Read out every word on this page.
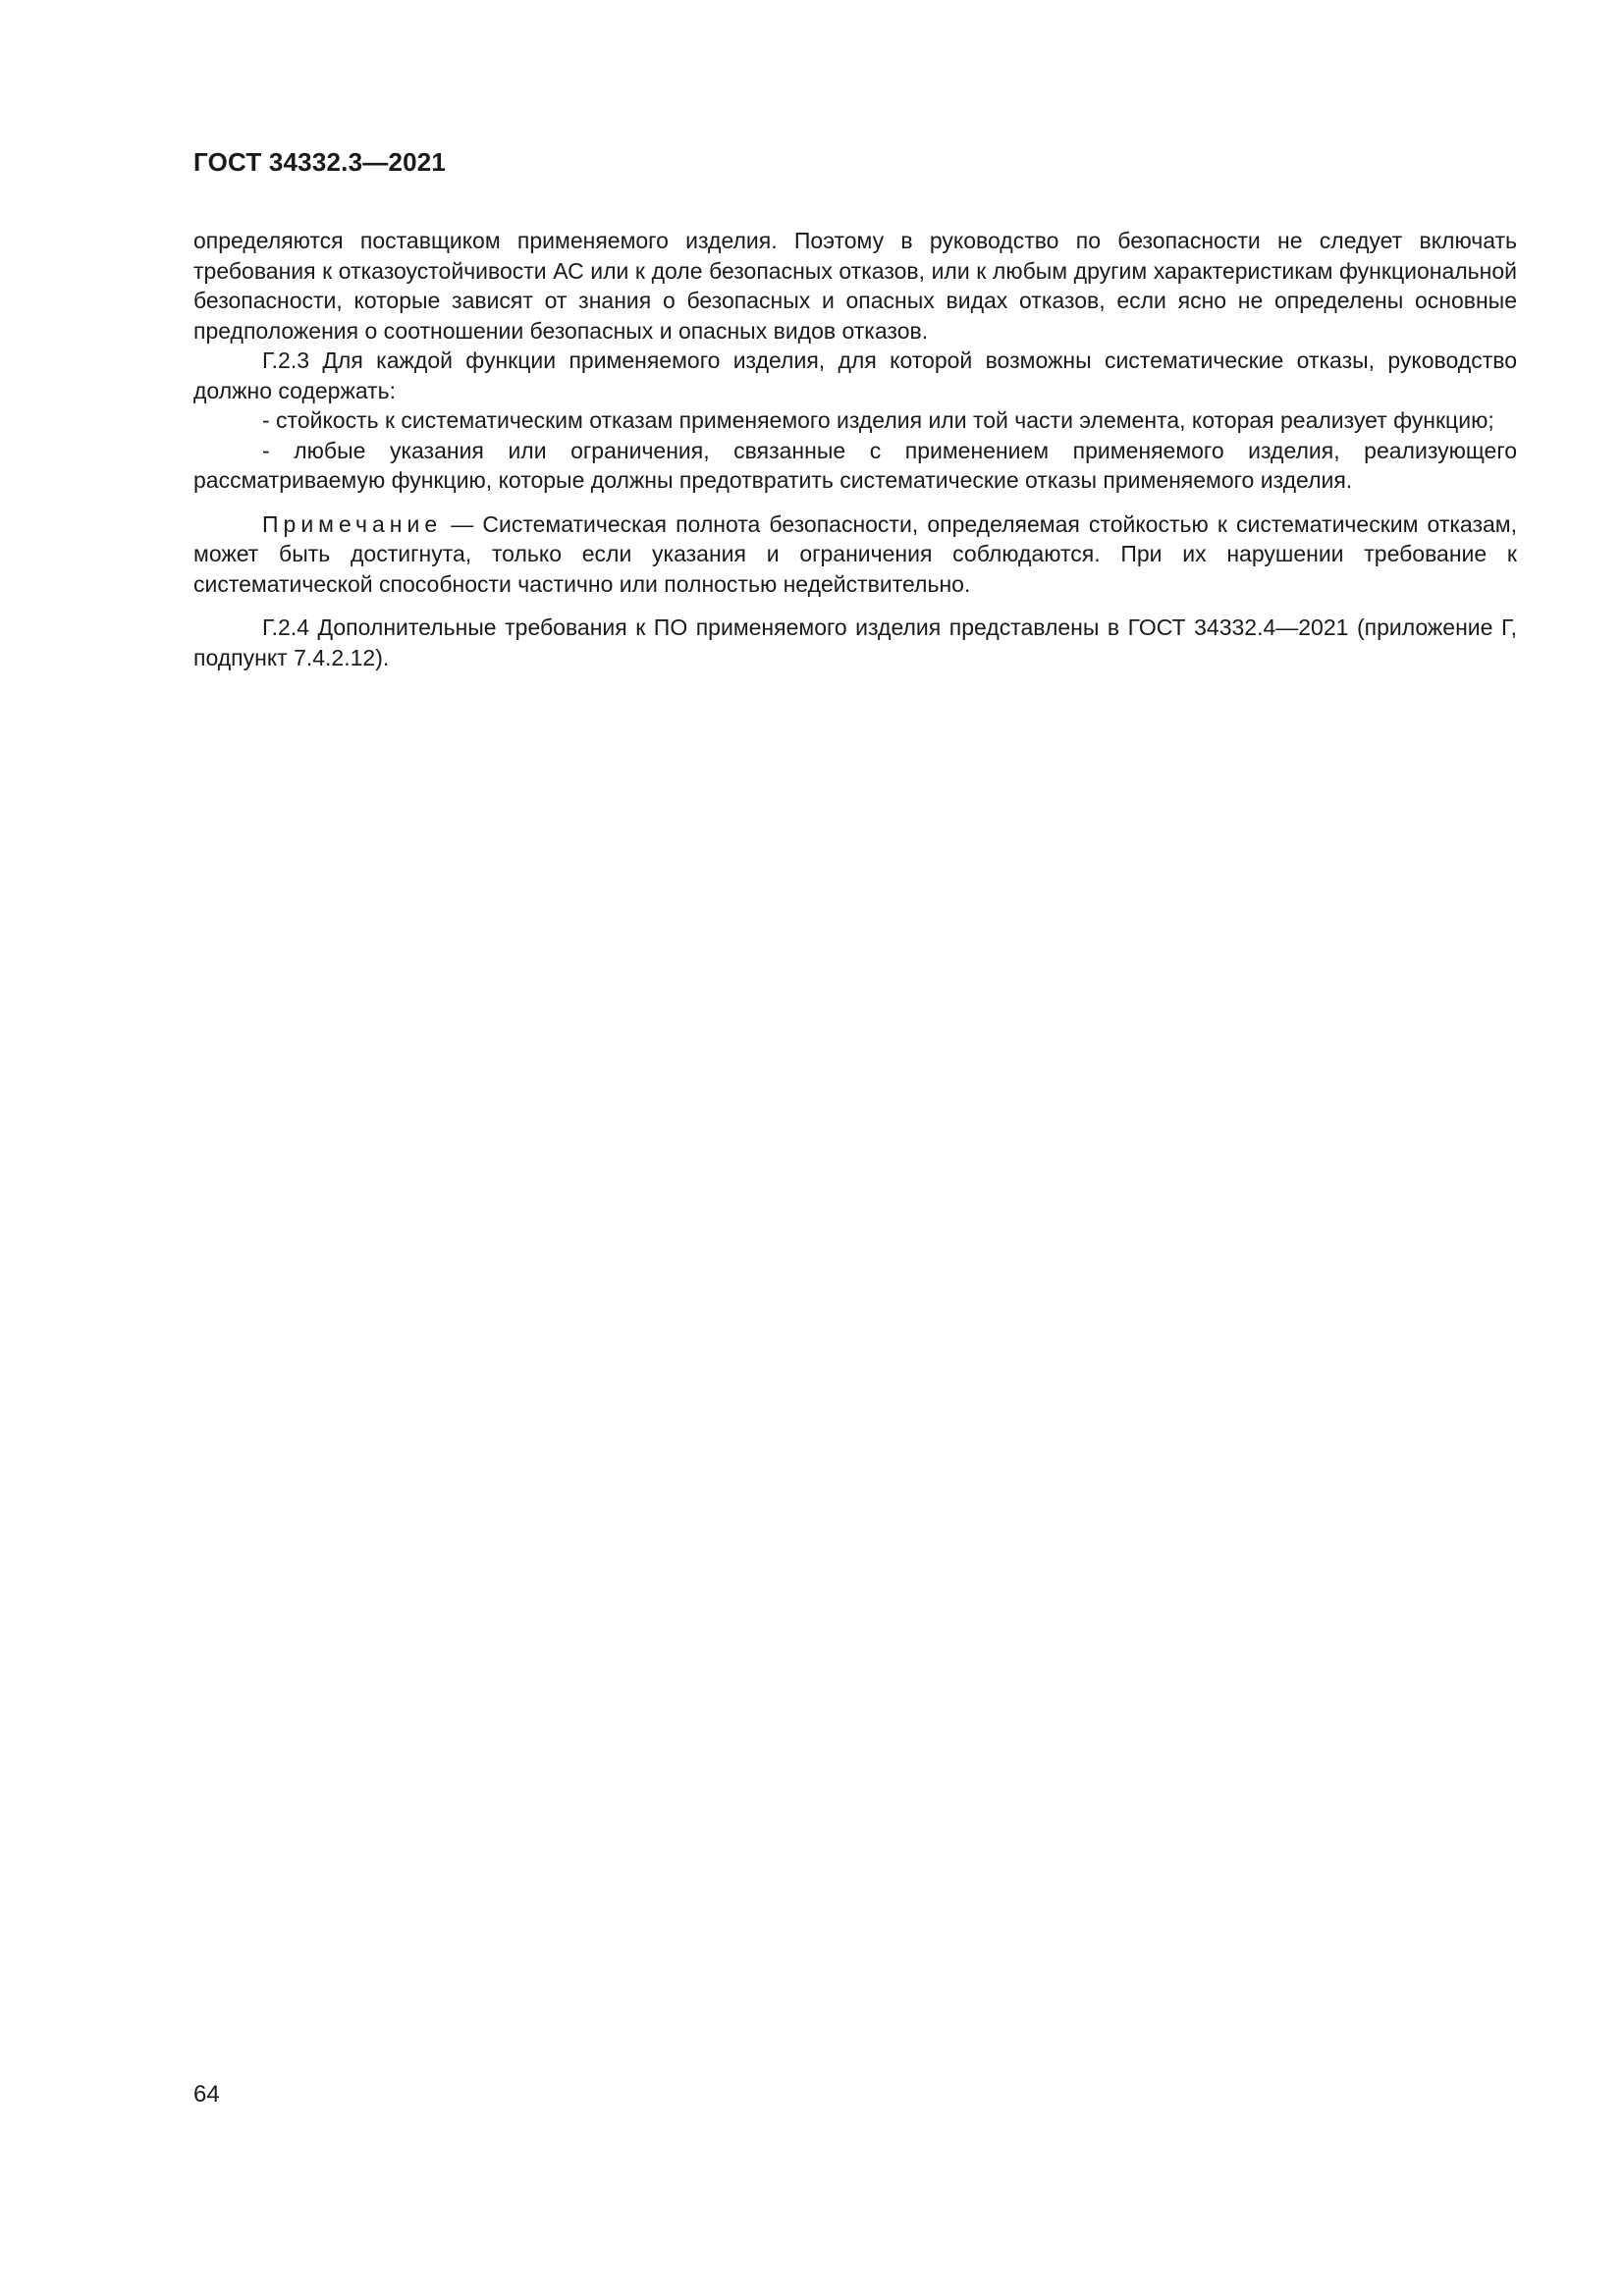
ГОСТ 34332.3—2021

определяются поставщиком применяемого изделия. Поэтому в руководство по безопасности не следует включать требования к отказоустойчивости АС или к доле безопасных отказов, или к любым другим характеристикам функциональной безопасности, которые зависят от знания о безопасных и опасных видах отказов, если ясно не определены основные предположения о соотношении безопасных и опасных видов отказов.

Г.2.3 Для каждой функции применяемого изделия, для которой возможны систематические отказы, руководство должно содержать:

- стойкость к систематическим отказам применяемого изделия или той части элемента, которая реализует функцию;

- любые указания или ограничения, связанные с применением применяемого изделия, реализующего рассматриваемую функцию, которые должны предотвратить систематические отказы применяемого изделия.

Примечание — Систематическая полнота безопасности, определяемая стойкостью к систематическим отказам, может быть достигнута, только если указания и ограничения соблюдаются. При их нарушении требование к систематической способности частично или полностью недействительно.

Г.2.4 Дополнительные требования к ПО применяемого изделия представлены в ГОСТ 34332.4—2021 (приложение Г, подпункт 7.4.2.12).

64
